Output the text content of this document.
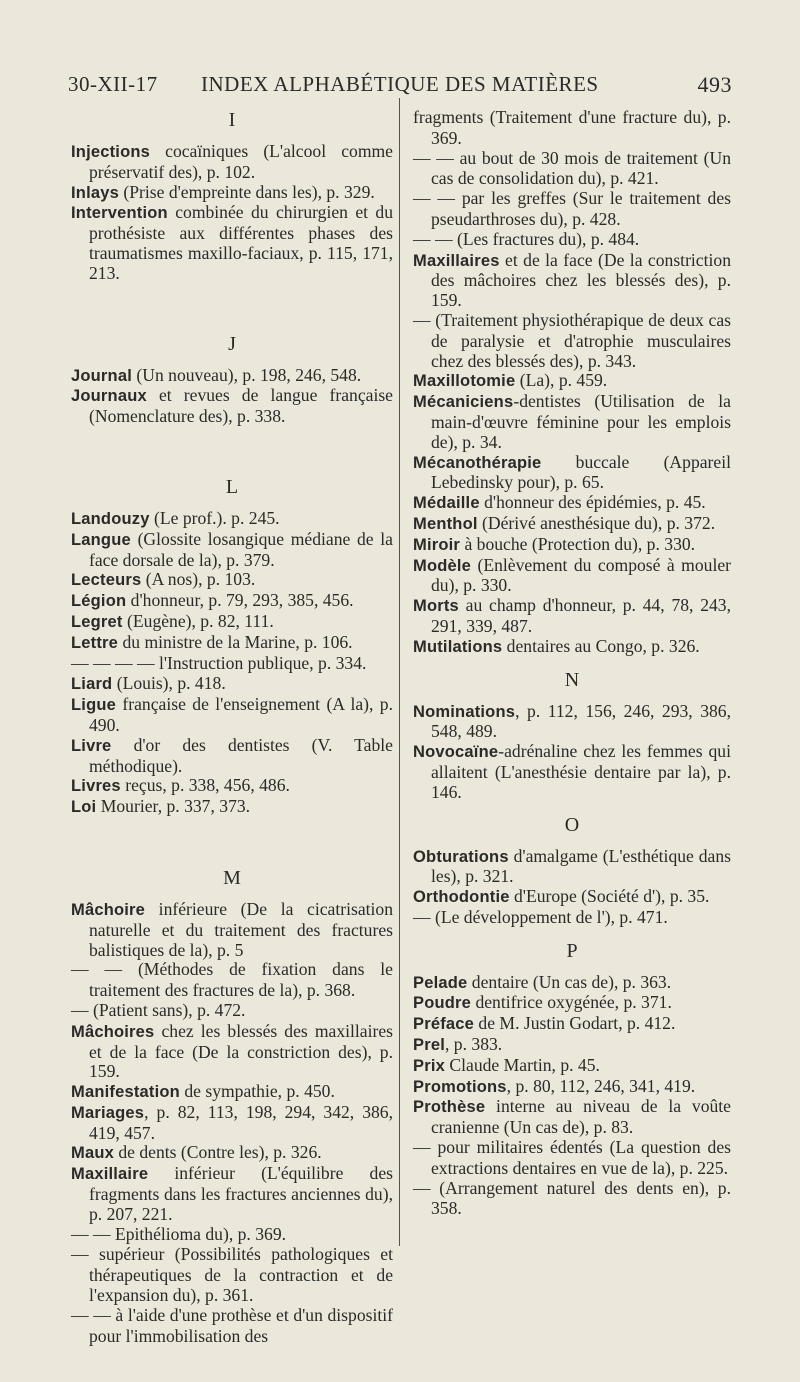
30-XII-17 INDEX ALPHABÉTIQUE DES MATIÈRES	493
I

Injections cocaïniques (L'alcool comme préservatif des), p. 102.

Inlays (Prise d'empreinte dans les), p. 329.

Intervention combinée du chirurgien et du prothésiste aux différentes phases des traumatismes maxillo-faciaux, p. 115, 171, 213.

J

Journal (Un nouveau), p. 198, 246, 548.

Journaux et revues de langue française (Nomenclature des), p. 338.

L

Landouzy (Le prof.). p. 245.

Langue (Glossite losangique médiane de la face dorsale de la), p. 379.

Lecteurs (A nos), p. 103.

Légion d'honneur, p. 79, 293, 385, 456.

Legret (Eugène), p. 82, 111.

Lettre du ministre de la Marine, p. 106.

— — — — l'Instruction publique, p. 334.

Liard (Louis), p. 418.

Ligue française de l'enseignement (A la), p. 490.

Livre d'or des dentistes (V. Table méthodique).

Livres reçus, p. 338, 456, 486.

Loi Mourier, p. 337, 373.

M

Mâchoire inférieure (De la cicatrisation naturelle et du traitement des fractures balistiques de la), p. 5

— — (Méthodes de fixation dans le traitement des fractures de la), p. 368.

— (Patient sans), p. 472.

Mâchoires chez les blessés des maxillaires et de la face (De la constriction des), p. 159.

Manifestation de sympathie, p. 450.

Mariages, p. 82, 113, 198, 294, 342, 386, 419, 457.

Maux de dents (Contre les), p. 326.

Maxillaire inférieur (L'équilibre des fragments dans les fractures anciennes du), p. 207, 221.

— — Epithélioma du), p. 369.

— supérieur (Possibilités pathologiques et thérapeutiques de la contraction et de l'expansion du), p. 361.

— — à l'aide d'une prothèse et d'un dispositif pour l'immobilisation des

fragments (Traitement d'une fracture du), p. 369.

— — au bout de 30 mois de traitement (Un cas de consolidation du), p. 421.

— — par les greffes (Sur le traitement des pseudarthroses du), p. 428.

— — (Les fractures du), p. 484.

Maxillaires et de la face (De la constriction des mâchoires chez les blessés des), p. 159.

— (Traitement physiothérapique de deux cas de paralysie et d'atrophie musculaires chez des blessés des), p. 343.

Maxillotomie (La), p. 459.

Mécaniciens-dentistes (Utilisation de la main-d'œuvre féminine pour les emplois de), p. 34.

Mécanothérapie buccale (Appareil Lebedinsky pour), p. 65.

Médaille d'honneur des épidémies, p. 45.

Menthol (Dérivé anesthésique du), p. 372.

Miroir à bouche (Protection du), p. 330.

Modèle (Enlèvement du composé à mouler du), p. 330.

Morts au champ d'honneur, p. 44, 78, 243, 291, 339, 487.

Mutilations dentaires au Congo, p. 326.

N

Nominations, p. 112, 156, 246, 293, 386, 548, 489.

Novocaïne-adrénaline chez les femmes qui allaitent (L'anesthésie dentaire par la), p. 146.

O

Obturations d'amalgame (L'esthétique dans les), p. 321.

Orthodontie d'Europe (Société d'), p. 35.

— (Le développement de l'), p. 471.

P

Pelade dentaire (Un cas de), p. 363.

Poudre dentifrice oxygénée, p. 371.

Préface de M. Justin Godart, p. 412.

Prel, p. 383.

Prix Claude Martin, p. 45.

Promotions, p. 80, 112, 246, 341, 419.

Prothèse interne au niveau de la voûte cranienne (Un cas de), p. 83.

— pour militaires édentés (La question des extractions dentaires en vue de la), p. 225.

— (Arrangement naturel des dents en), p. 358.
